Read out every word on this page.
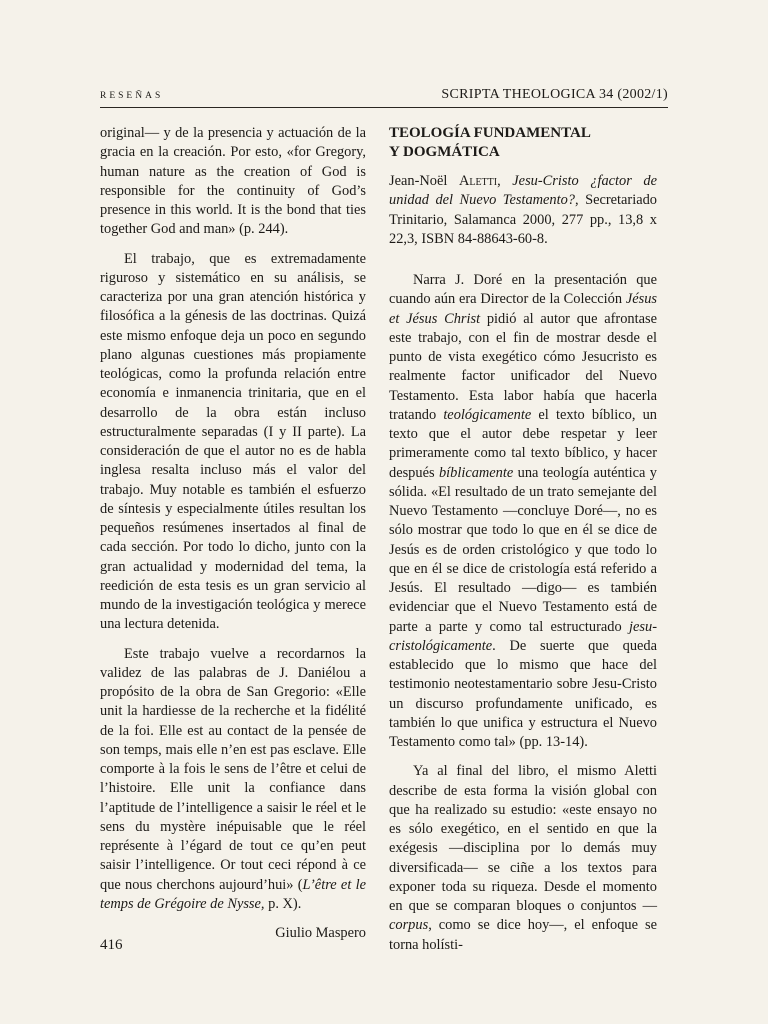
RESEÑAS	SCRIPTA THEOLOGICA 34 (2002/1)

original— y de la presencia y actuación de la gracia en la creación. Por esto, «for Gregory, human nature as the creation of God is responsible for the continuity of God’s presence in this world. It is the bond that ties together God and man» (p. 244).

El trabajo, que es extremadamente riguroso y sistemático en su análisis, se caracteriza por una gran atención histórica y filosófica a la génesis de las doctrinas. Quizá este mismo enfoque deja un poco en segundo plano algunas cuestiones más propiamente teológicas, como la profunda relación entre economía e inmanencia trinitaria, que en el desarrollo de la obra están incluso estructuralmente separadas (I y II parte). La consideración de que el autor no es de habla inglesa resalta incluso más el valor del trabajo. Muy notable es también el esfuerzo de síntesis y especialmente útiles resultan los pequeños resúmenes insertados al final de cada sección. Por todo lo dicho, junto con la gran actualidad y modernidad del tema, la reedición de esta tesis es un gran servicio al mundo de la investigación teológica y merece una lectura detenida.

Este trabajo vuelve a recordarnos la validez de las palabras de J. Daniélou a propósito de la obra de San Gregorio: «Elle unit la hardiesse de la recherche et la fidélité de la foi. Elle est au contact de la pensée de son temps, mais elle n’en est pas esclave. Elle comporte à la fois le sens de l’être et celui de l’histoire. Elle unit la confiance dans l’aptitude de l’intelligence a saisir le réel et le sens du mystère inépuisable que le réel représente à l’égard de tout ce qu’en peut saisir l’intelligence. Or tout ceci répond à ce que nous cherchons aujourd’hui» (L’être et le temps de Grégoire de Nysse, p. X).

Giulio Maspero

TEOLOGÍA FUNDAMENTAL
Y DOGMÁTICA

Jean-Noël Aletti, Jesu-Cristo ¿factor de unidad del Nuevo Testamento?, Secretariado Trinitario, Salamanca 2000, 277 pp., 13,8 x 22,3, ISBN 84-88643-60-8.

Narra J. Doré en la presentación que cuando aún era Director de la Colección Jésus et Jésus Christ pidió al autor que afrontase este trabajo, con el fin de mostrar desde el punto de vista exegético cómo Jesucristo es realmente factor unificador del Nuevo Testamento. Esta labor había que hacerla tratando teológicamente el texto bíblico, un texto que el autor debe respetar y leer primeramente como tal texto bíblico, y hacer después bíblicamente una teología auténtica y sólida. «El resultado de un trato semejante del Nuevo Testamento —concluye Doré—, no es sólo mostrar que todo lo que en él se dice de Jesús es de orden cristológico y que todo lo que en él se dice de cristología está referido a Jesús. El resultado —digo— es también evidenciar que el Nuevo Testamento está de parte a parte y como tal estructurado jesu-cristológicamente. De suerte que queda establecido que lo mismo que hace del testimonio neotestamentario sobre Jesu-Cristo un discurso profundamente unificado, es también lo que unifica y estructura el Nuevo Testamento como tal» (pp. 13-14).

Ya al final del libro, el mismo Aletti describe de esta forma la visión global con que ha realizado su estudio: «este ensayo no es sólo exegético, en el sentido en que la exégesis —disciplina por lo demás muy diversificada— se ciñe a los textos para exponer toda su riqueza. Desde el momento en que se comparan bloques o conjuntos —corpus, como se dice hoy—, el enfoque se torna holísti-

416
